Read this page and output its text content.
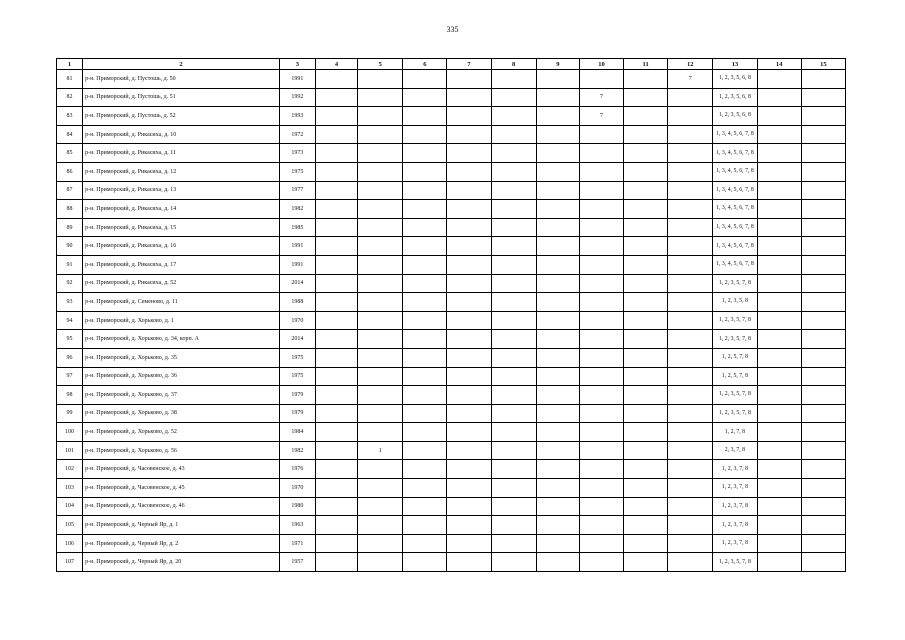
335
1	2	3	4	5	6	7	8	9	10	11	12	13	14	15
81	р-н. Приморский, д. Пустошь, д. 50	1991									7	1, 2, 3, 5, 6, 8		
82	р-н. Приморский, д. Пустошь, д. 51	1992							7			1, 2, 3, 5, 6, 8		
83	р-н. Приморский, д. Пустошь, д. 52	1993							7			1, 2, 3, 5, 6, 8		
84	р-н. Приморский, д. Рикасиха, д. 10	1972										1, 3, 4, 5, 6, 7, 8		
85	р-н. Приморский, д. Рикасиха, д. 11	1973										1, 3, 4, 5, 6, 7, 8		
86	р-н. Приморский, д. Рикасиха, д. 12	1975										1, 3, 4, 5, 6, 7, 8		
87	р-н. Приморский, д. Рикасиха, д. 13	1977										1, 3, 4, 5, 6, 7, 8		
88	р-н. Приморский, д. Рикасиха, д. 14	1982										1, 3, 4, 5, 6, 7, 8		
89	р-н. Приморский, д. Рикасиха, д. 15	1985										1, 3, 4, 5, 6, 7, 8		
90	р-н. Приморский, д. Рикасиха, д. 16	1991										1, 3, 4, 5, 6, 7, 8		
91	р-н. Приморский, д. Рикасиха, д. 17	1991										1, 3, 4, 5, 6, 7, 8		
92	р-н. Приморский, д. Рикасиха, д. 52	2014										1, 2, 3, 5, 7, 8		
93	р-н. Приморский, д. Семеново, д. 11	1988										1, 2, 3, 5, 8		
94	р-н. Приморский, д. Хорьково, д. 1	1970										1, 2, 3, 5, 7, 8		
95	р-н. Приморский, д. Хорьково, д. 34, корп. А	2014										1, 2, 3, 5, 7, 8		
96	р-н. Приморский, д. Хорьково, д. 35	1975										1, 2, 5, 7, 8		
97	р-н. Приморский, д. Хорьково, д. 36	1975										1, 2, 5, 7, 8		
98	р-н. Приморский, д. Хорьково, д. 37	1979										1, 2, 3, 5, 7, 8		
99	р-н. Приморский, д. Хорьково, д. 38	1979										1, 2, 3, 5, 7, 8		
100	р-н. Приморский, д. Хорьково, д. 52	1984										1, 2, 7, 8		
101	р-н. Приморский, д. Хорьково, д. 56	1982		1								2, 3, 7, 8		
102	р-н. Приморский, д. Часовенское, д. 43	1976										1, 2, 3, 7, 8		
103	р-н. Приморский, д. Часовенское, д. 45	1970										1, 2, 3, 7, 8		
104	р-н. Приморский, д. Часовенское, д. 46	1980										1, 2, 3, 7, 8		
105	р-н. Приморский, д. Черный Яр, д. 1	1963										1, 2, 3, 7, 8		
106	р-н. Приморский, д. Черный Яр, д. 2	1971										1, 2, 3, 7, 8		
107	р-н. Приморский, д. Черный Яр, д. 20	1957										1, 2, 3, 5, 7, 8		
